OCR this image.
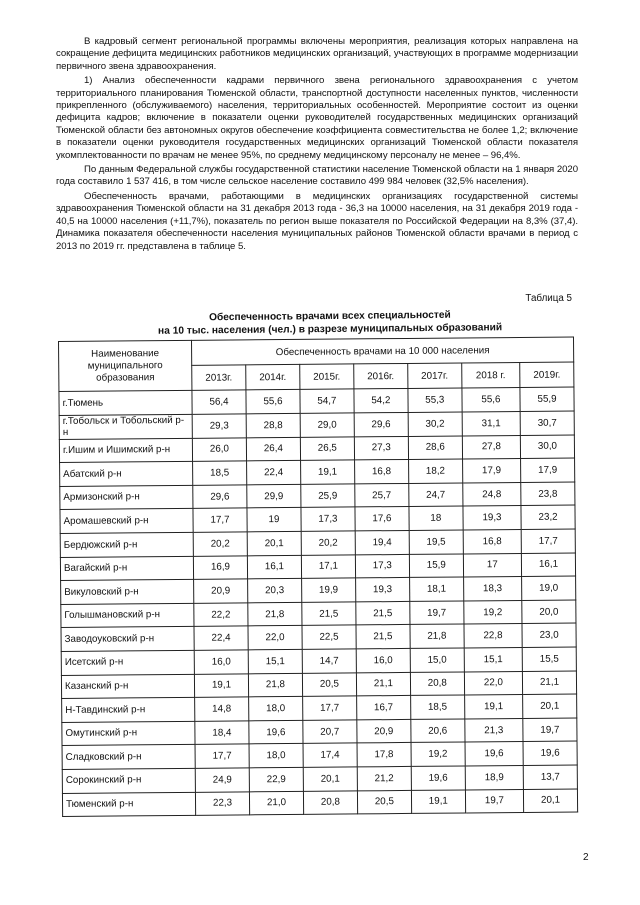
В кадровый сегмент региональной программы включены мероприятия, реализация которых направлена на сокращение дефицита медицинских работников медицинских организаций, участвующих в программе модернизации первичного звена здравоохранения.

1) Анализ обеспеченности кадрами первичного звена регионального здравоохранения с учетом территориального планирования Тюменской области, транспортной доступности населенных пунктов, численности прикрепленного (обслуживаемого) населения, территориальных особенностей. Мероприятие состоит из оценки дефицита кадров; включение в показатели оценки руководителей государственных медицинских организаций Тюменской области без автономных округов обеспечение коэффициента совместительства не более 1,2; включение в показатели оценки руководителя государственных медицинских организаций Тюменской области показателя укомплектованности по врачам не менее 95%, по среднему медицинскому персоналу не менее – 96,4%.

По данным Федеральной службы государственной статистики население Тюменской области на 1 января 2020 года составило 1 537 416, в том числе сельское население составило 499 984 человек (32,5% населения).

Обеспеченность врачами, работающими в медицинских организациях государственной системы здравоохранения Тюменской области на 31 декабря 2013 года - 36,3 на 10000 населения, на 31 декабря 2019 года - 40,5 на 10000 населения (+11,7%), показатель по регион выше показателя по Российской Федерации на 8,3% (37,4). Динамика показателя обеспеченности населения муниципальных районов Тюменской области врачами в период с 2013 по 2019 гг. представлена в таблице 5.

Таблица 5
Обеспеченность врачами всех специальностей
на 10 тыс. населения (чел.) в разрезе муниципальных образований
Наименование муниципального образования	Обеспеченность врачами на 10 000 населения						
	2013г.	2014г.	2015г.	2016г.	2017г.	2018 г.	2019г.
г.Тюмень	56,4	55,6	54,7	54,2	55,3	55,6	55,9
г.Тобольск и Тобольский р-н	29,3	28,8	29,0	29,6	30,2	31,1	30,7
г.Ишим и Ишимский р-н	26,0	26,4	26,5	27,3	28,6	27,8	30,0
Абатский р-н	18,5	22,4	19,1	16,8	18,2	17,9	17,9
Армизонский р-н	29,6	29,9	25,9	25,7	24,7	24,8	23,8
Аромашевский р-н	17,7	19	17,3	17,6	18	19,3	23,2
Бердюжский р-н	20,2	20,1	20,2	19,4	19,5	16,8	17,7
Вагайский р-н	16,9	16,1	17,1	17,3	15,9	17	16,1
Викуловский р-н	20,9	20,3	19,9	19,3	18,1	18,3	19,0
Голышмановский р-н	22,2	21,8	21,5	21,5	19,7	19,2	20,0
Заводоуковский р-н	22,4	22,0	22,5	21,5	21,8	22,8	23,0
Исетский р-н	16,0	15,1	14,7	16,0	15,0	15,1	15,5
Казанский р-н	19,1	21,8	20,5	21,1	20,8	22,0	21,1
Н-Тавдинский р-н	14,8	18,0	17,7	16,7	18,5	19,1	20,1
Омутинский р-н	18,4	19,6	20,7	20,9	20,6	21,3	19,7
Сладковский р-н	17,7	18,0	17,4	17,8	19,2	19,6	19,6
Сорокинский р-н	24,9	22,9	20,1	21,2	19,6	18,9	13,7
Тюменский р-н	22,3	21,0	20,8	20,5	19,1	19,7	20,1
2
